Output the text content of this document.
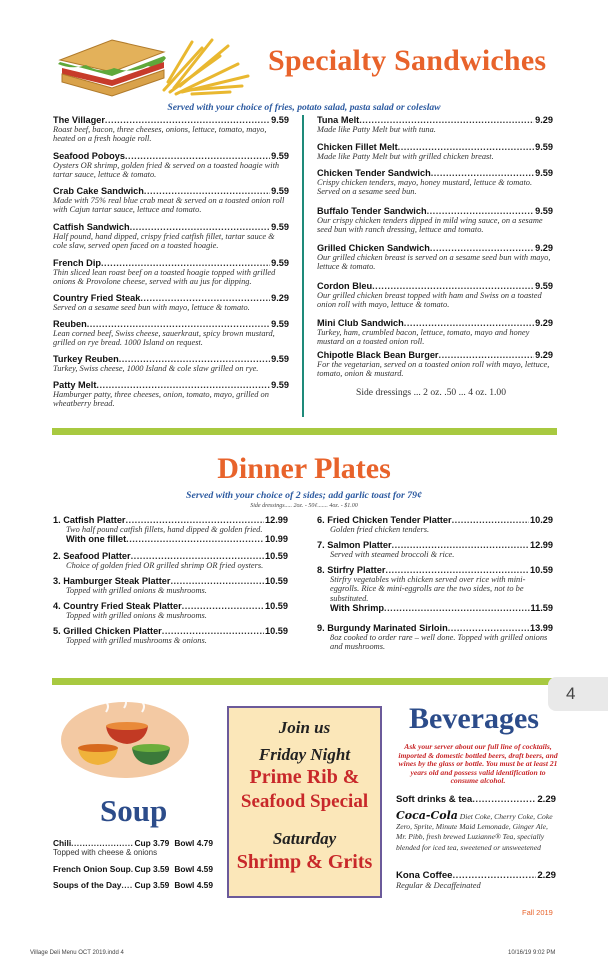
Specialty Sandwiches
Served with your choice of fries, potato salad, pasta salad or coleslaw
The Villager .....	9.59
Roast beef, bacon, three cheeses, onions, lettuce, tomato, mayo, heated on a fresh hoagie roll.
Seafood Poboys .....	9.59
Oysters OR shrimp, golden fried & served on a toasted hoagie with tartar sauce, lettuce & tomato.
Crab Cake Sandwich .....	9.59
Made with 75% real blue crab meat & served on a toasted onion roll with Cajun tartar sauce, lettuce and tomato.
Catfish Sandwich .....	9.59
Half pound, hand dipped, crispy fried catfish fillet, tartar sauce & cole slaw, served open faced on a toasted hoagie.
French Dip .....	9.59
Thin sliced lean roast beef on a toasted hoagie topped with grilled onions & Provolone cheese, served with au jus for dipping.
Country Fried Steak .....	9.29
Served on a sesame seed bun with mayo, lettuce & tomato.
Reuben .....	9.59
Lean corned beef, Swiss cheese, sauerkraut, spicy brown mustard, grilled on rye bread. 1000 Island on request.
Turkey Reuben .....	9.59
Turkey, Swiss cheese, 1000 Island & cole slaw grilled on rye.
Patty Melt .....	9.59
Hamburger patty, three cheeses, onion, tomato, mayo, grilled on wheatberry bread.
Tuna Melt .....	9.29
Made like Patty Melt but with tuna.
Chicken Fillet Melt .....	9.59
Made like Patty Melt but with grilled chicken breast.
Chicken Tender Sandwich .....	9.59
Crispy chicken tenders, mayo, honey mustard, lettuce & tomato. Served on a sesame seed bun.
Buffalo Tender Sandwich .....	9.59
Our crispy chicken tenders dipped in mild wing sauce, on a sesame seed bun with ranch dressing, lettuce and tomato.
Grilled Chicken Sandwich .....	9.29
Our grilled chicken breast is served on a sesame seed bun with mayo, lettuce & tomato.
Cordon Bleu .....	9.59
Our grilled chicken breast topped with ham and Swiss on a toasted onion roll with mayo, lettuce & tomato.
Mini Club Sandwich .....	9.29
Turkey, ham, crumbled bacon, lettuce, tomato, mayo and honey mustard on a toasted onion roll.
Chipotle Black Bean Burger .....	9.29
For the vegetarian, served on a toasted onion roll with mayo, lettuce, tomato, onion & mustard.
Side dressings ... 2 oz. .50 ... 4 oz. 1.00
Dinner Plates
Served with your choice of 2 sides; add garlic toast for 79¢
Side dressings..... 2oz. - 50¢....... 4oz. - $1.00
1. Catfish Platter .....	12.99
Two half pound catfish fillets, hand dipped & golden fried.
With one fillet .....	10.99
2. Seafood Platter .....	10.59
Choice of golden fried OR grilled shrimp OR fried oysters.
3. Hamburger Steak Platter .....	10.59
Topped with grilled onions & mushrooms.
4. Country Fried Steak Platter .....	10.59
Topped with grilled onions & mushrooms.
5. Grilled Chicken Platter .....	10.59
Topped with grilled mushrooms & onions.
6. Fried Chicken Tender Platter .....	10.29
Golden fried chicken tenders.
7. Salmon Platter .....	12.99
Served with steamed broccoli & rice.
8. Stirfry Platter .....	10.59
Stirfry vegetables with chicken served over rice with mini-eggrolls. Rice & mini-eggrolls are the two sides, not to be substituted.
With Shrimp .....	11.59
9. Burgundy Marinated Sirloin .....	13.99
8oz cooked to order rare – well done. Topped with grilled onions and mushrooms.
4
Soup
Chili .....	Cup 3.79 Bowl 4.79
Topped with cheese & onions
French Onion Soup ..... Cup 3.59 Bowl 4.59
Soups of the Day ..... Cup 3.59 Bowl 4.59
Join us
Friday Night
Prime Rib &
Seafood Special
Saturday
Shrimp & Grits
Beverages
Ask your server about our full line of cocktails, imported & domestic bottled beers, draft beers, and wines by the glass or bottle. You must be at least 21 years old and possess valid identification to consume alcohol.
Soft drinks & tea .....	2.29
Coca-Cola Diet Coke, Cherry Coke, Coke Zero, Sprite, Minute Maid Lemonade, Ginger Ale, Mr. Pibb, fresh brewed Luzianne® Tea, specially blended for iced tea, sweetened or unsweetened
Kona Coffee .....	2.29
Regular & Decaffeinated
Fall 2019
Village Deli Menu OCT 2019.indd 4	10/16/19 9:02 PM
